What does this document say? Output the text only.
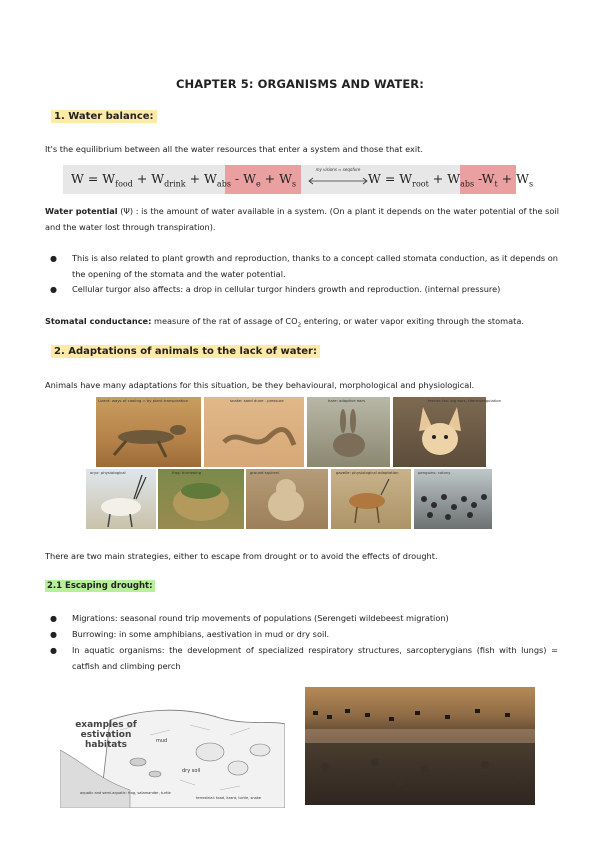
CHAPTER 5: ORGANISMS AND WATER:
1. Water balance:
It's the equilibrium between all the water resources that enter a system and those that exit.
$W = W_{food} + W_{drink} + W_{abs} - W_e + W_s$
my visions ≈ seqofure
$W = W_{root} + W_{abs}$ $-W_t + W_s$
Water potential (Ψ) : is the amount of water available in a system. (On a plant it depends on the water potential of the soil and the water lost through transpiration).
● This is also related to plant growth and reproduction, thanks to a concept called stomata conduction, as it depends on the opening of the stomata and the water potential.
● Cellular turgor also affects: a drop in cellular turgor hinders growth and reproduction. (internal pressure)
Stomatal conductance: measure of the rat of assage of $CO_2$ entering, or water vapor exiting through the stomata.
2. Adaptations of animals to the lack of water:
Animals have many adaptations for this situation, be they behavioural, morphological and physiological.
Lizard: ways of cooling = by plant transpiration	snake: sand dune - pressure	hare: adaptive ears	fennec fox: big ears, thermoregulation
oryx: physiological	frog: burrowing	ground squirrel	gazelle: physiological adaptation	penguins: colony
There are two main strategies, either to escape from drought or to avoid the effects of drought.
2.1 Escaping drought:
● Migrations: seasonal round trip movements of populations (Serengeti wildebeest migration)
● Burrowing: in some amphibians, aestivation in mud or dry soil.
● In aquatic organisms: the development of specialized respiratory structures, sarcopterygians (fish with lungs) = catfish and climbing perch
examples of estivation habitats	mud
dry soil
aquatic and semi-aquatic: frog, salamander, turtle
terrestrial: toad, lizard, turtle, snake
